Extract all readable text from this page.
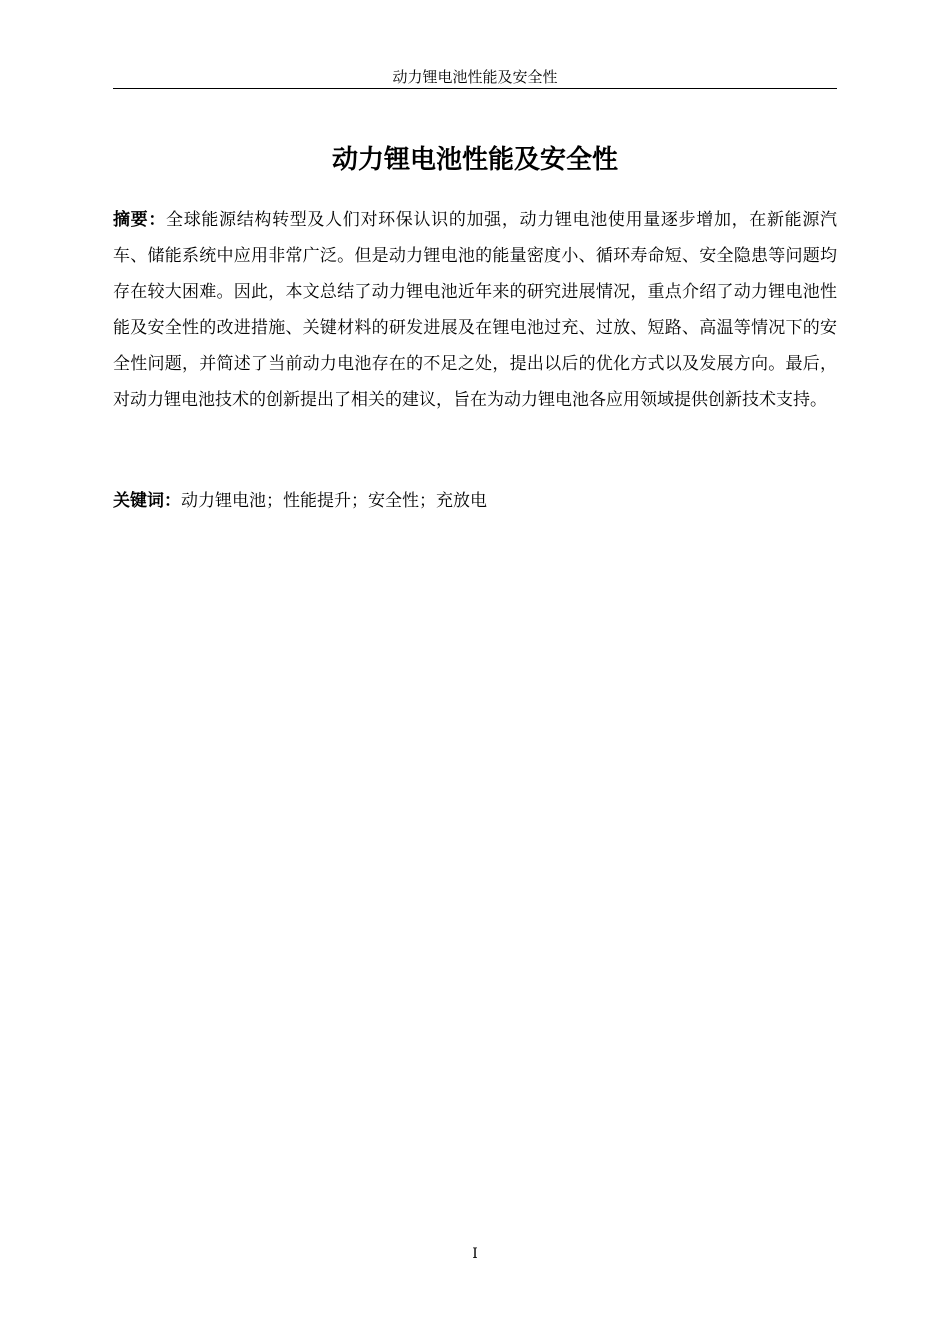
动力锂电池性能及安全性
动力锂电池性能及安全性

摘要：全球能源结构转型及人们对环保认识的加强，动力锂电池使用量逐步增加，在新能源汽车、储能系统中应用非常广泛。但是动力锂电池的能量密度小、循环寿命短、安全隐患等问题均存在较大困难。因此，本文总结了动力锂电池近年来的研究进展情况，重点介绍了动力锂电池性能及安全性的改进措施、关键材料的研发进展及在锂电池过充、过放、短路、高温等情况下的安全性问题，并简述了当前动力电池存在的不足之处，提出以后的优化方式以及发展方向。最后，对动力锂电池技术的创新提出了相关的建议，旨在为动力锂电池各应用领域提供创新技术支持。

关键词：动力锂电池；性能提升；安全性；充放电

I
